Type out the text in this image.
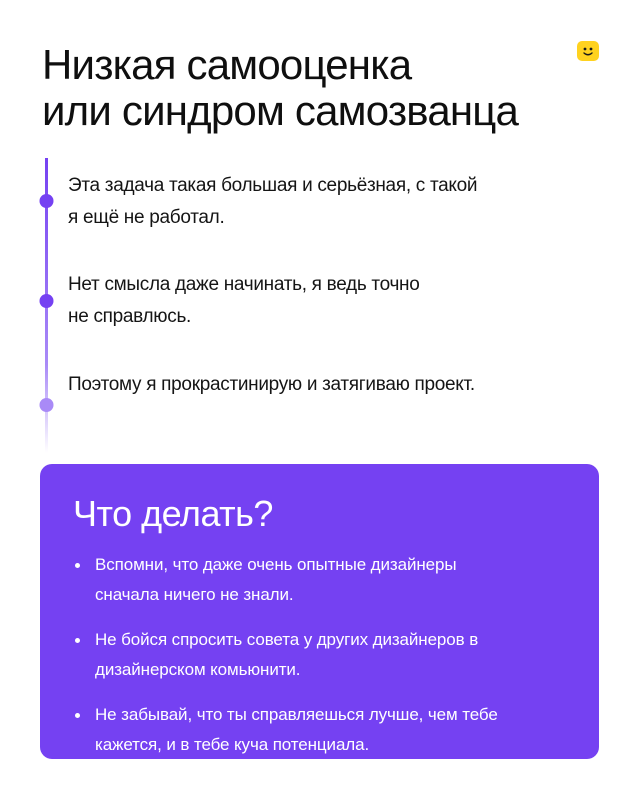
Низкая самооценка
или синдром самозванца

Эта задача такая большая и серьёзная, с такой
я ещё не работал.

Нет смысла даже начинать, я ведь точно
не справлюсь.

Поэтому я прокрастинирую и затягиваю проект.

Что делать?
Вспомни, что даже очень опытные дизайнеры
сначала ничего не знали.
Не бойся спросить совета у других дизайнеров в
дизайнерском комьюнити.
Не забывай, что ты справляешься лучше, чем тебе
кажется, и в тебе куча потенциала.
